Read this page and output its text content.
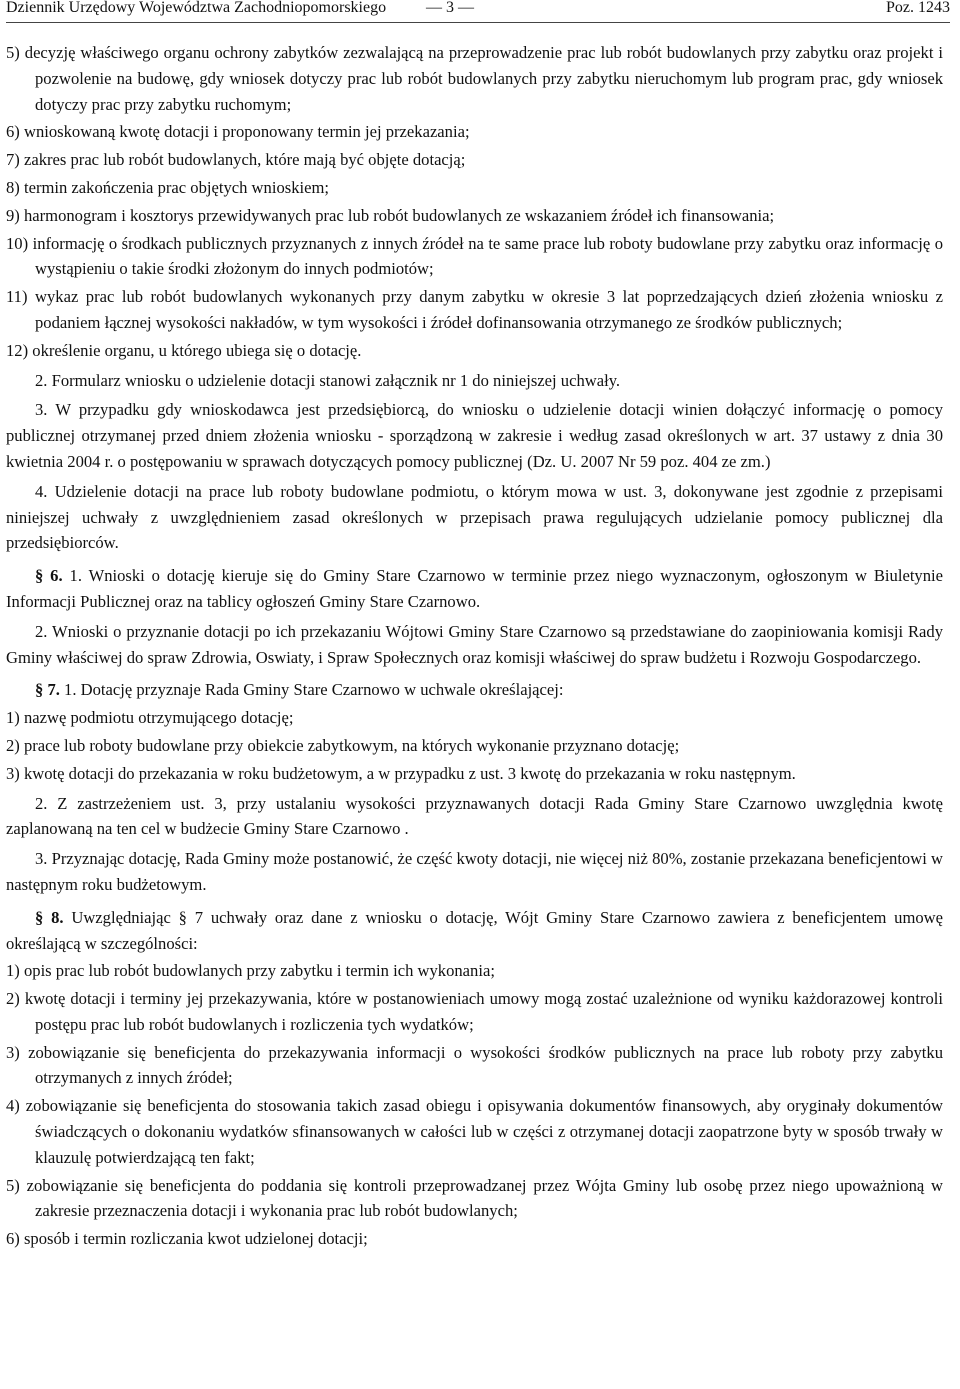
Dziennik Urzędowy Województwa Zachodniopomorskiego — 3 —	Poz. 1243

5) decyzję właściwego organu ochrony zabytków zezwalającą na przeprowadzenie prac lub robót budowlanych przy zabytku oraz projekt i pozwolenie na budowę, gdy wniosek dotyczy prac lub robót budowlanych przy zabytku nieruchomym lub program prac, gdy wniosek dotyczy prac przy zabytku ruchomym;

6) wnioskowaną kwotę dotacji i proponowany termin jej przekazania;

7) zakres prac lub robót budowlanych, które mają być objęte dotacją;

8) termin zakończenia prac objętych wnioskiem;

9) harmonogram i kosztorys przewidywanych prac lub robót budowlanych ze wskazaniem źródeł ich finansowania;

10) informację o środkach publicznych przyznanych z innych źródeł na te same prace lub roboty budowlane przy zabytku oraz informację o wystąpieniu o takie środki złożonym do innych podmiotów;

11) wykaz prac lub robót budowlanych wykonanych przy danym zabytku w okresie 3 lat poprzedzających dzień złożenia wniosku z podaniem łącznej wysokości nakładów, w tym wysokości i źródeł dofinansowania otrzymanego ze środków publicznych;

12) określenie organu, u którego ubiega się o dotację.

2. Formularz wniosku o udzielenie dotacji stanowi załącznik nr 1 do niniejszej uchwały.

3. W przypadku gdy wnioskodawca jest przedsiębiorcą, do wniosku o udzielenie dotacji winien dołączyć informację o pomocy publicznej otrzymanej przed dniem złożenia wniosku - sporządzoną w zakresie i według zasad określonych w art. 37 ustawy z dnia 30 kwietnia 2004 r. o postępowaniu w sprawach dotyczących pomocy publicznej (Dz. U. 2007 Nr 59 poz. 404 ze zm.)

4. Udzielenie dotacji na prace lub roboty budowlane podmiotu, o którym mowa w ust. 3, dokonywane jest zgodnie z przepisami niniejszej uchwały z uwzględnieniem zasad określonych w przepisach prawa regulujących udzielanie pomocy publicznej dla przedsiębiorców.

§ 6. 1. Wnioski o dotację kieruje się do Gminy Stare Czarnowo w terminie przez niego wyznaczonym, ogłoszonym w Biuletynie Informacji Publicznej oraz na tablicy ogłoszeń Gminy Stare Czarnowo.

2. Wnioski o przyznanie dotacji po ich przekazaniu Wójtowi Gminy Stare Czarnowo są przedstawiane do zaopiniowania komisji Rady Gminy właściwej do spraw Zdrowia, Oswiaty, i Spraw Społecznych oraz komisji właściwej do spraw budżetu i Rozwoju Gospodarczego.

§ 7. 1. Dotację przyznaje Rada Gminy Stare Czarnowo w uchwale określającej:

1) nazwę podmiotu otrzymującego dotację;

2) prace lub roboty budowlane przy obiekcie zabytkowym, na których wykonanie przyznano dotację;

3) kwotę dotacji do przekazania w roku budżetowym, a w przypadku z ust. 3 kwotę do przekazania w roku następnym.

2. Z zastrzeżeniem ust. 3, przy ustalaniu wysokości przyznawanych dotacji Rada Gminy Stare Czarnowo uwzględnia kwotę zaplanowaną na ten cel w budżecie Gminy Stare Czarnowo .

3. Przyznając dotację, Rada Gminy może postanowić, że część kwoty dotacji, nie więcej niż 80%, zostanie przekazana beneficjentowi w następnym roku budżetowym.

§ 8. Uwzględniając § 7 uchwały oraz dane z wniosku o dotację, Wójt Gminy Stare Czarnowo zawiera z beneficjentem umowę określającą w szczególności:

1) opis prac lub robót budowlanych przy zabytku i termin ich wykonania;

2) kwotę dotacji i terminy jej przekazywania, które w postanowieniach umowy mogą zostać uzależnione od wyniku każdorazowej kontroli postępu prac lub robót budowlanych i rozliczenia tych wydatków;

3) zobowiązanie się beneficjenta do przekazywania informacji o wysokości środków publicznych na prace lub roboty przy zabytku otrzymanych z innych źródeł;

4) zobowiązanie się beneficjenta do stosowania takich zasad obiegu i opisywania dokumentów finansowych, aby oryginały dokumentów świadczących o dokonaniu wydatków sfinansowanych w całości lub w części z otrzymanej dotacji zaopatrzone byty w sposób trwały w klauzulę potwierdzającą ten fakt;

5) zobowiązanie się beneficjenta do poddania się kontroli przeprowadzanej przez Wójta Gminy lub osobę przez niego upoważnioną w zakresie przeznaczenia dotacji i wykonania prac lub robót budowlanych;

6) sposób i termin rozliczania kwot udzielonej dotacji;
